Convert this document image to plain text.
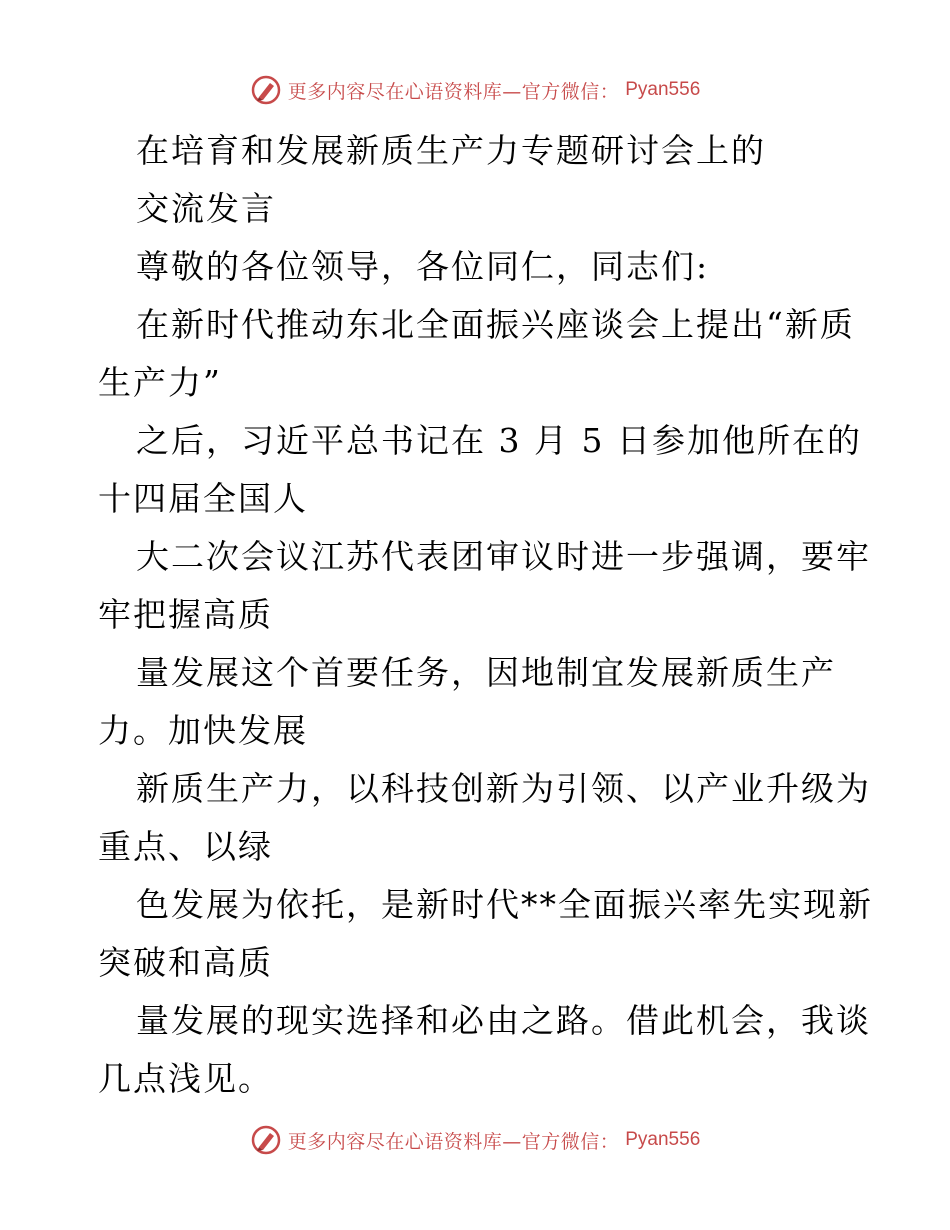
更多内容尽在心语资料库—官方微信： Pyan556
在培育和发展新质生产力专题研讨会上的
交流发言
尊敬的各位领导，各位同仁，同志们:
在新时代推动东北全面振兴座谈会上提出“新质
生产力”
之后，习近平总书记在 3 月 5 日参加他所在的
十四届全国人
大二次会议江苏代表团审议时进一步强调，要牢
牢把握高质
量发展这个首要任务，因地制宜发展新质生产
力。加快发展
新质生产力，以科技创新为引领、以产业升级为
重点、以绿
色发展为依托，是新时代**全面振兴率先实现新
突破和高质
量发展的现实选择和必由之路。借此机会，我谈
几点浅见。
更多内容尽在心语资料库—官方微信： Pyan556
